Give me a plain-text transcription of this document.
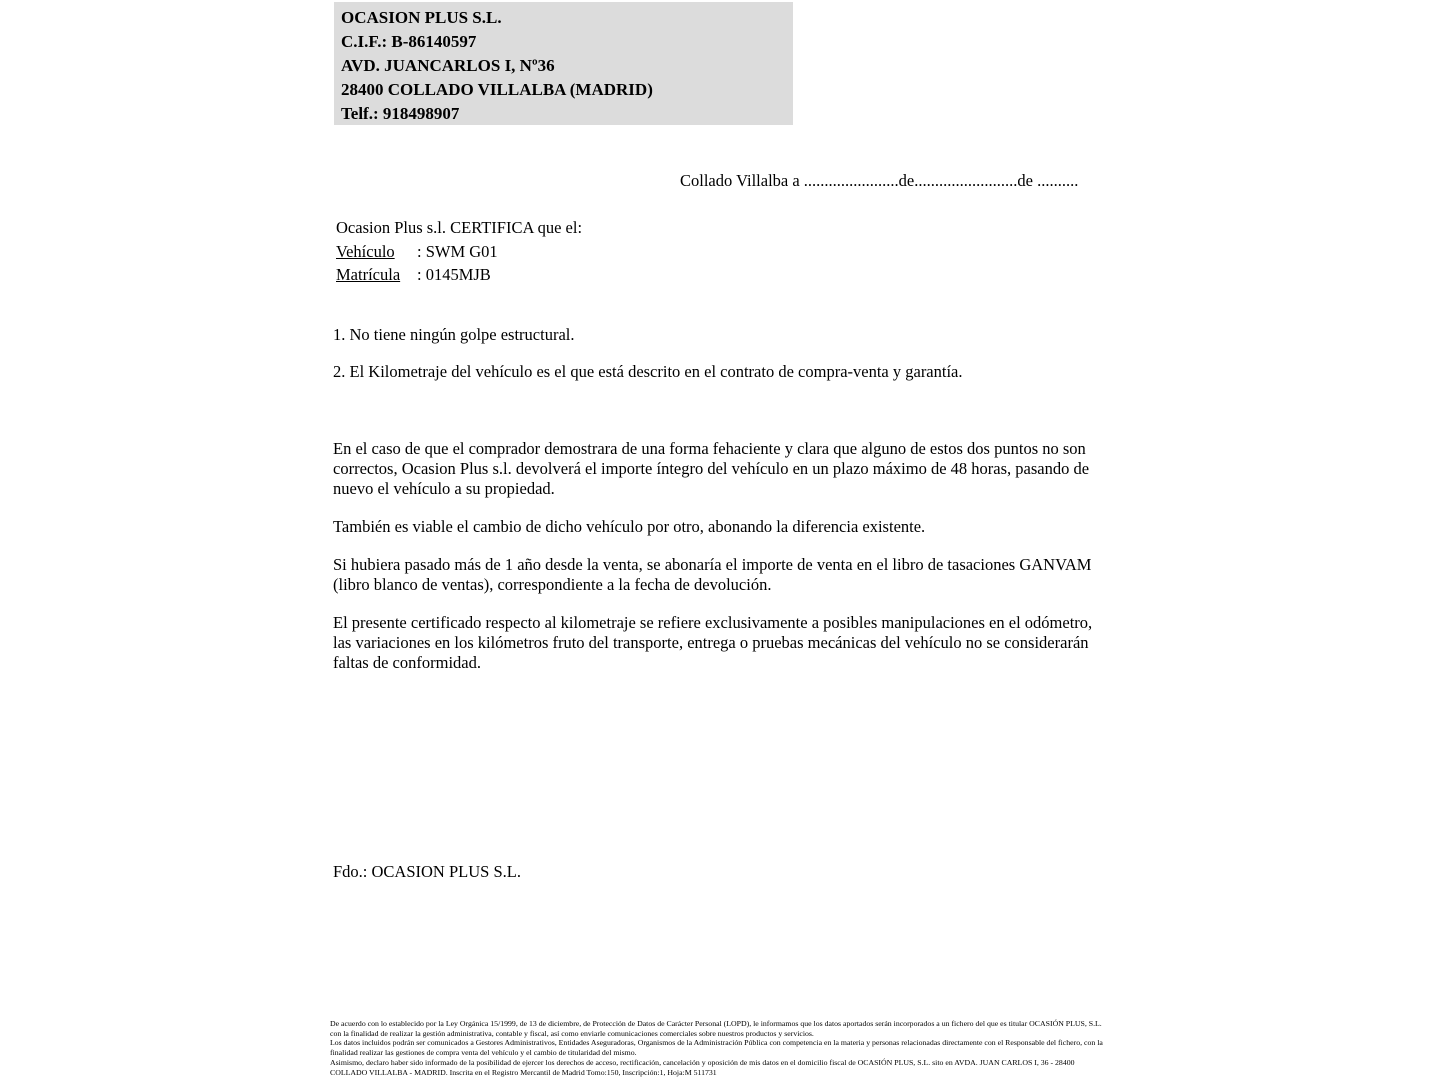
OCASION PLUS S.L.
C.I.F.: B-86140597
AVD. JUANCARLOS I, Nº36
28400 COLLADO VILLALBA (MADRID)
Telf.: 918498907
Collado Villalba a .......................de.........................de ..........
Ocasion Plus s.l. CERTIFICA que el:
Vehículo : SWM G01
Matrícula : 0145MJB
1. No tiene ningún golpe estructural.
2. El Kilometraje del vehículo es el que está descrito en el contrato de compra-venta y garantía.

En el caso de que el comprador demostrara de una forma fehaciente y clara que alguno de estos dos puntos no son correctos, Ocasion Plus s.l. devolverá el importe íntegro del vehículo en un plazo máximo de 48 horas, pasando de nuevo el vehículo a su propiedad.

También es viable el cambio de dicho vehículo por otro, abonando la diferencia existente.

Si hubiera pasado más de 1 año desde la venta, se abonaría el importe de venta en el libro de tasaciones GANVAM (libro blanco de ventas), correspondiente a la fecha de devolución.

El presente certificado respecto al kilometraje se refiere exclusivamente a posibles manipulaciones en el odómetro, las variaciones en los kilómetros fruto del transporte, entrega o pruebas mecánicas del vehículo no se considerarán faltas de conformidad.

Fdo.: OCASION PLUS S.L.
De acuerdo con lo establecido por la Ley Orgánica 15/1999, de 13 de diciembre, de Protección de Datos de Carácter Personal (LOPD), le informamos que los datos aportados serán incorporados a un fichero del que es titular OCASIÓN PLUS, S.L. con la finalidad de realizar la gestión administrativa, contable y fiscal, así como enviarle comunicaciones comerciales sobre nuestros productos y servicios.
Los datos incluidos podrán ser comunicados a Gestores Administrativos, Entidades Aseguradoras, Organismos de la Administración Pública con competencia en la materia y personas relacionadas directamente con el Responsable del fichero, con la finalidad realizar las gestiones de compra venta del vehículo y el cambio de titularidad del mismo.
Asimismo, declaro haber sido informado de la posibilidad de ejercer los derechos de acceso, rectificación, cancelación y oposición de mis datos en el domicilio fiscal de OCASIÓN PLUS, S.L. sito en AVDA. JUAN CARLOS I, 36 - 28400 COLLADO VILLALBA - MADRID. Inscrita en el Registro Mercantil de Madrid Tomo:150, Inscripción:1, Hoja:M 511731
